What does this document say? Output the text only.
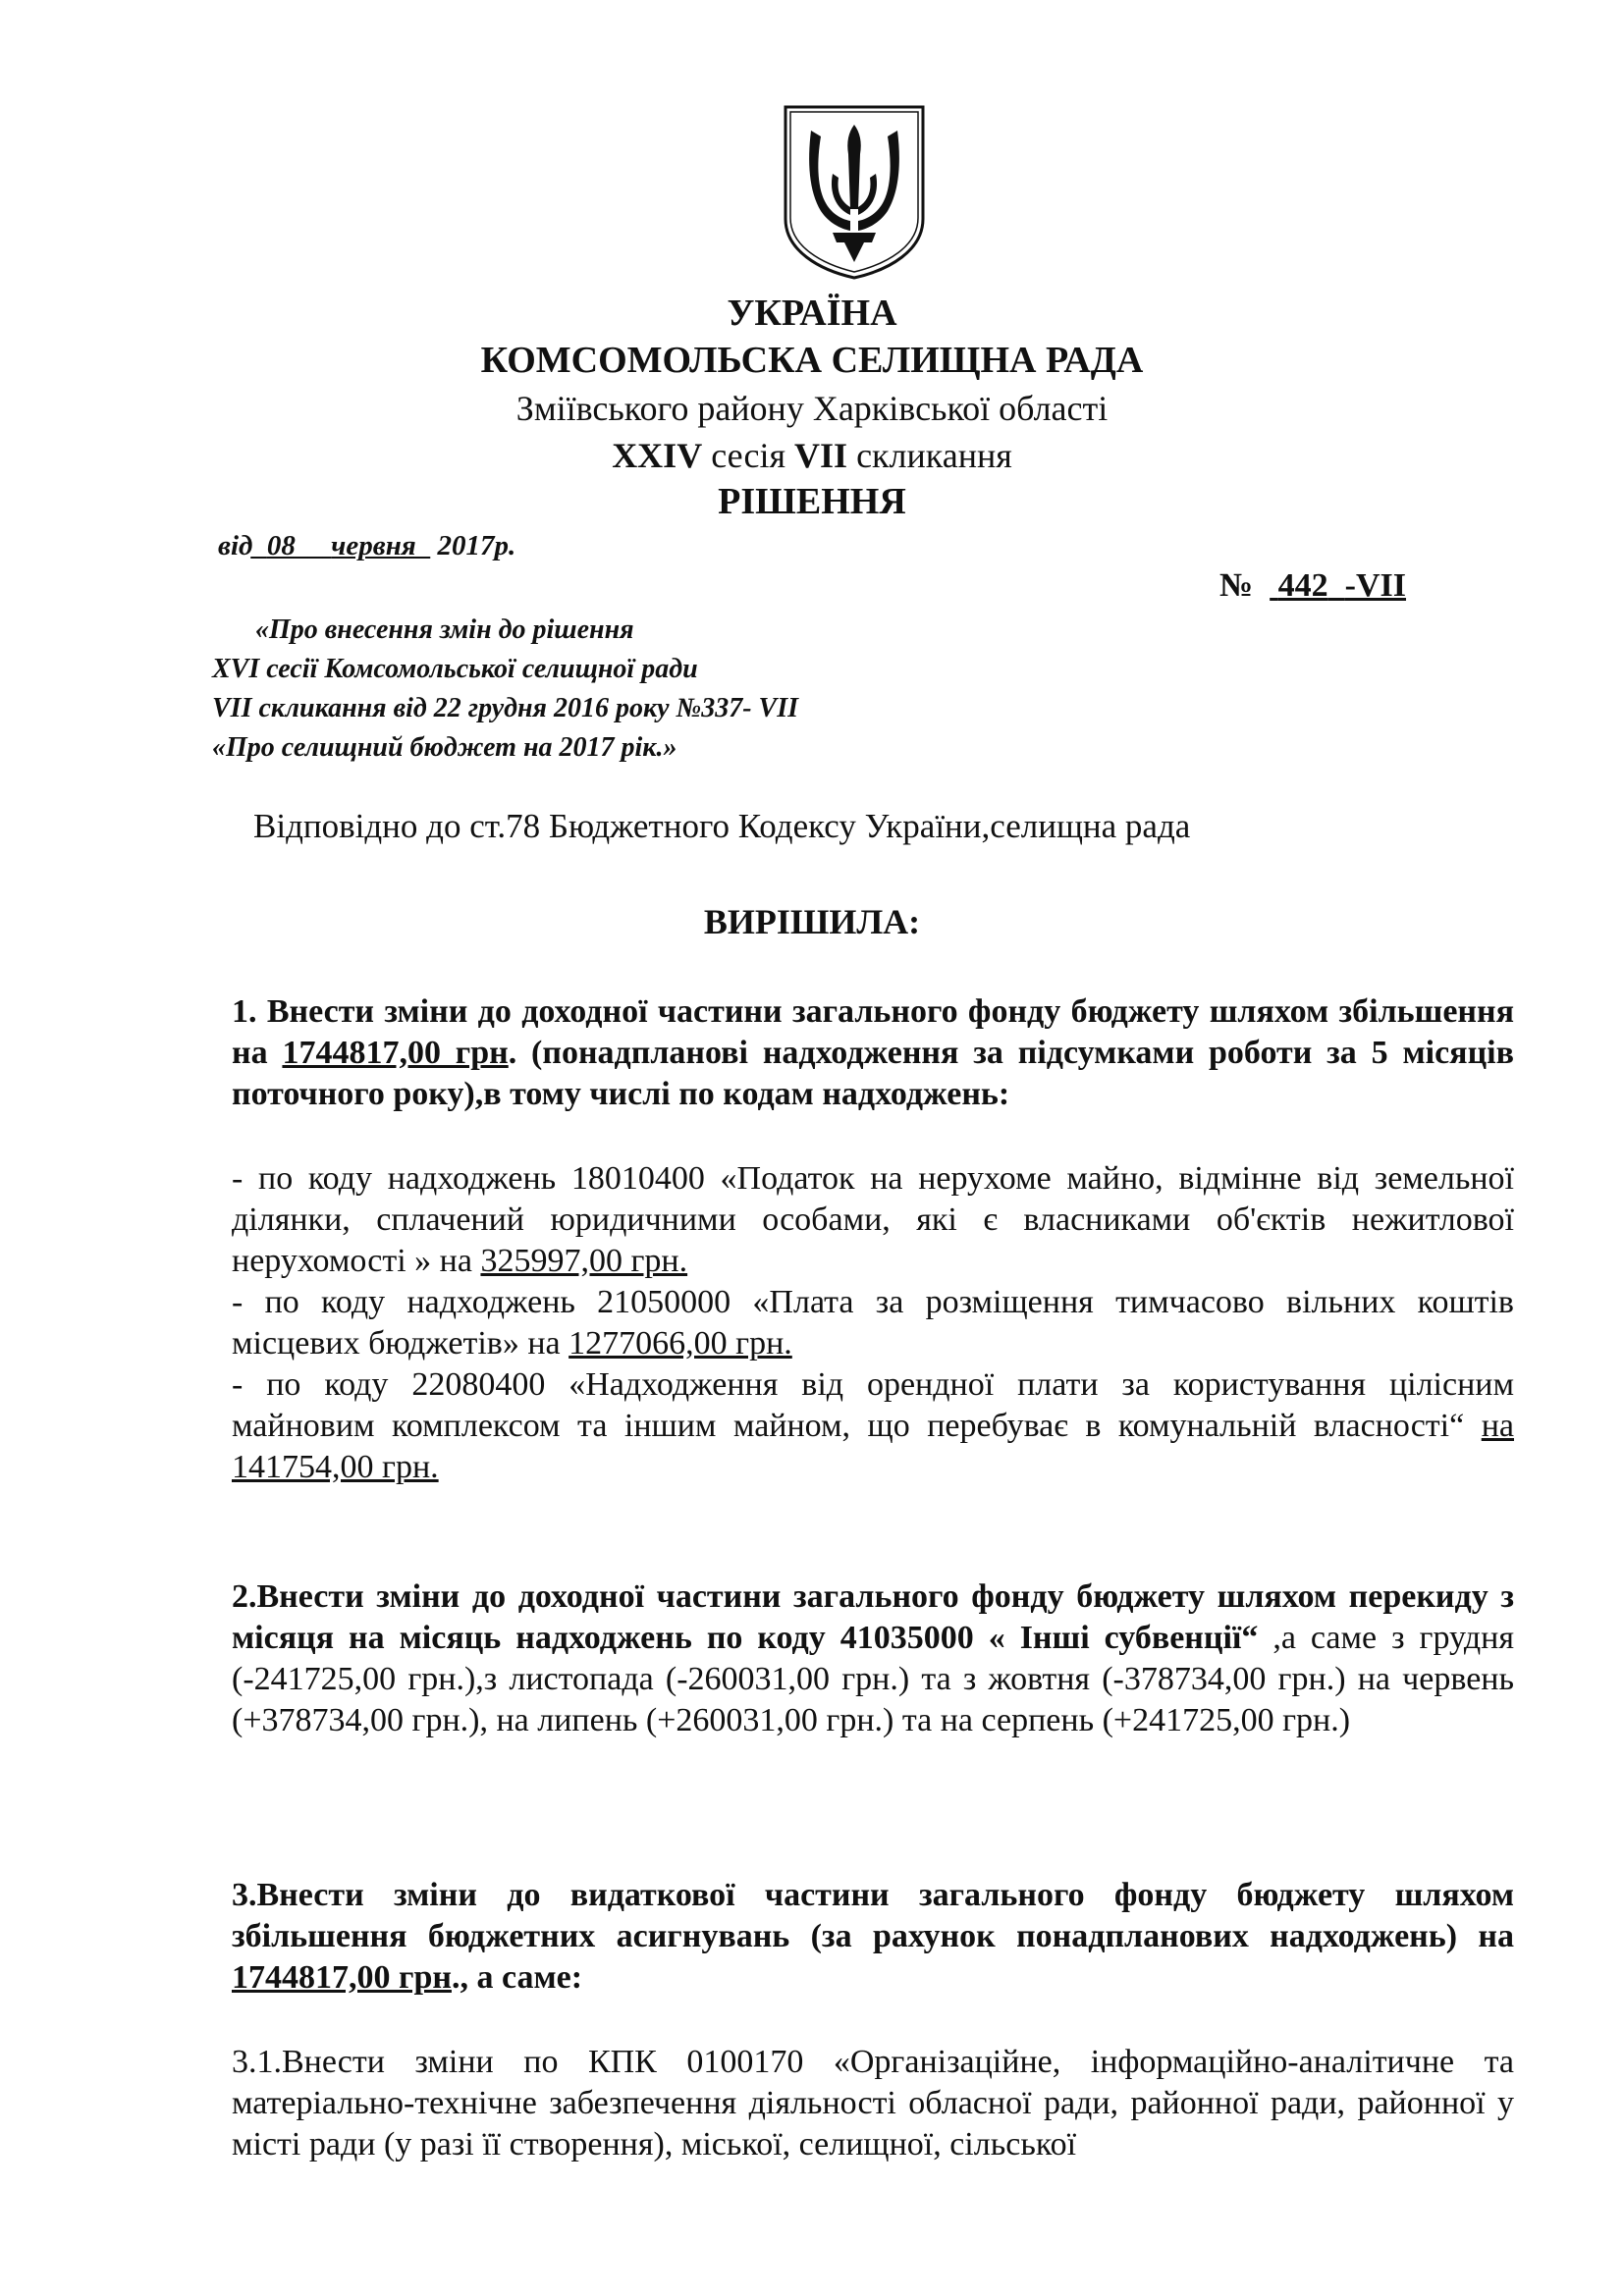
УКРАЇНА
КОМСОМОЛЬСКА СЕЛИЩНА РАДА
Зміївського району Харківської області
XXIV сесія VII скликання
РІШЕННЯ
від_08__ червня_ 2017р.
№ 442 -VII
«Про внесення змін до рішення
XVI сесії Комсомольської селищної ради
VII скликання від 22 грудня 2016 року №337- VII
«Про селищний бюджет на 2017 рік.»
Відповідно до ст.78 Бюджетного Кодексу України,селищна рада
ВИРІШИЛА:
1. Внести зміни до доходної частини загального фонду бюджету шляхом збільшення на 1744817,00 грн. (понадпланові надходження за підсумками роботи за 5 місяців поточного року),в тому числі по кодам надходжень:

- по коду надходжень 18010400 «Податок на нерухоме майно, відмінне від земельної ділянки, сплачений юридичними особами, які є власниками об'єктів нежитлової нерухомості » на 325997,00 грн.

- по коду надходжень 21050000 «Плата за розміщення тимчасово вільних коштів місцевих бюджетів» на 1277066,00 грн.

- по коду 22080400 «Надходження від орендної плати за користування цілісним майновим комплексом та іншим майном, що перебуває в комунальній власності“ на 141754,00 грн.

2.Внести зміни до доходної частини загального фонду бюджету шляхом перекиду з місяця на місяць надходжень по коду 41035000 « Інші субвенції“ ,а саме з грудня (-241725,00 грн.),з листопада (-260031,00 грн.) та з жовтня (-378734,00 грн.) на червень (+378734,00 грн.), на липень (+260031,00 грн.) та на серпень (+241725,00 грн.)
3.Внести зміни до видаткової частини загального фонду бюджету шляхом збільшення бюджетних асигнувань (за рахунок понадпланових надходжень) на 1744817,00 грн., а саме:
3.1.Внести зміни по КПК 0100170 «Організаційне, інформаційно-аналітичне та матеріально-технічне забезпечення діяльності обласної ради, районної ради, районної у місті ради (у разі її створення), міської, селищної, сільської
